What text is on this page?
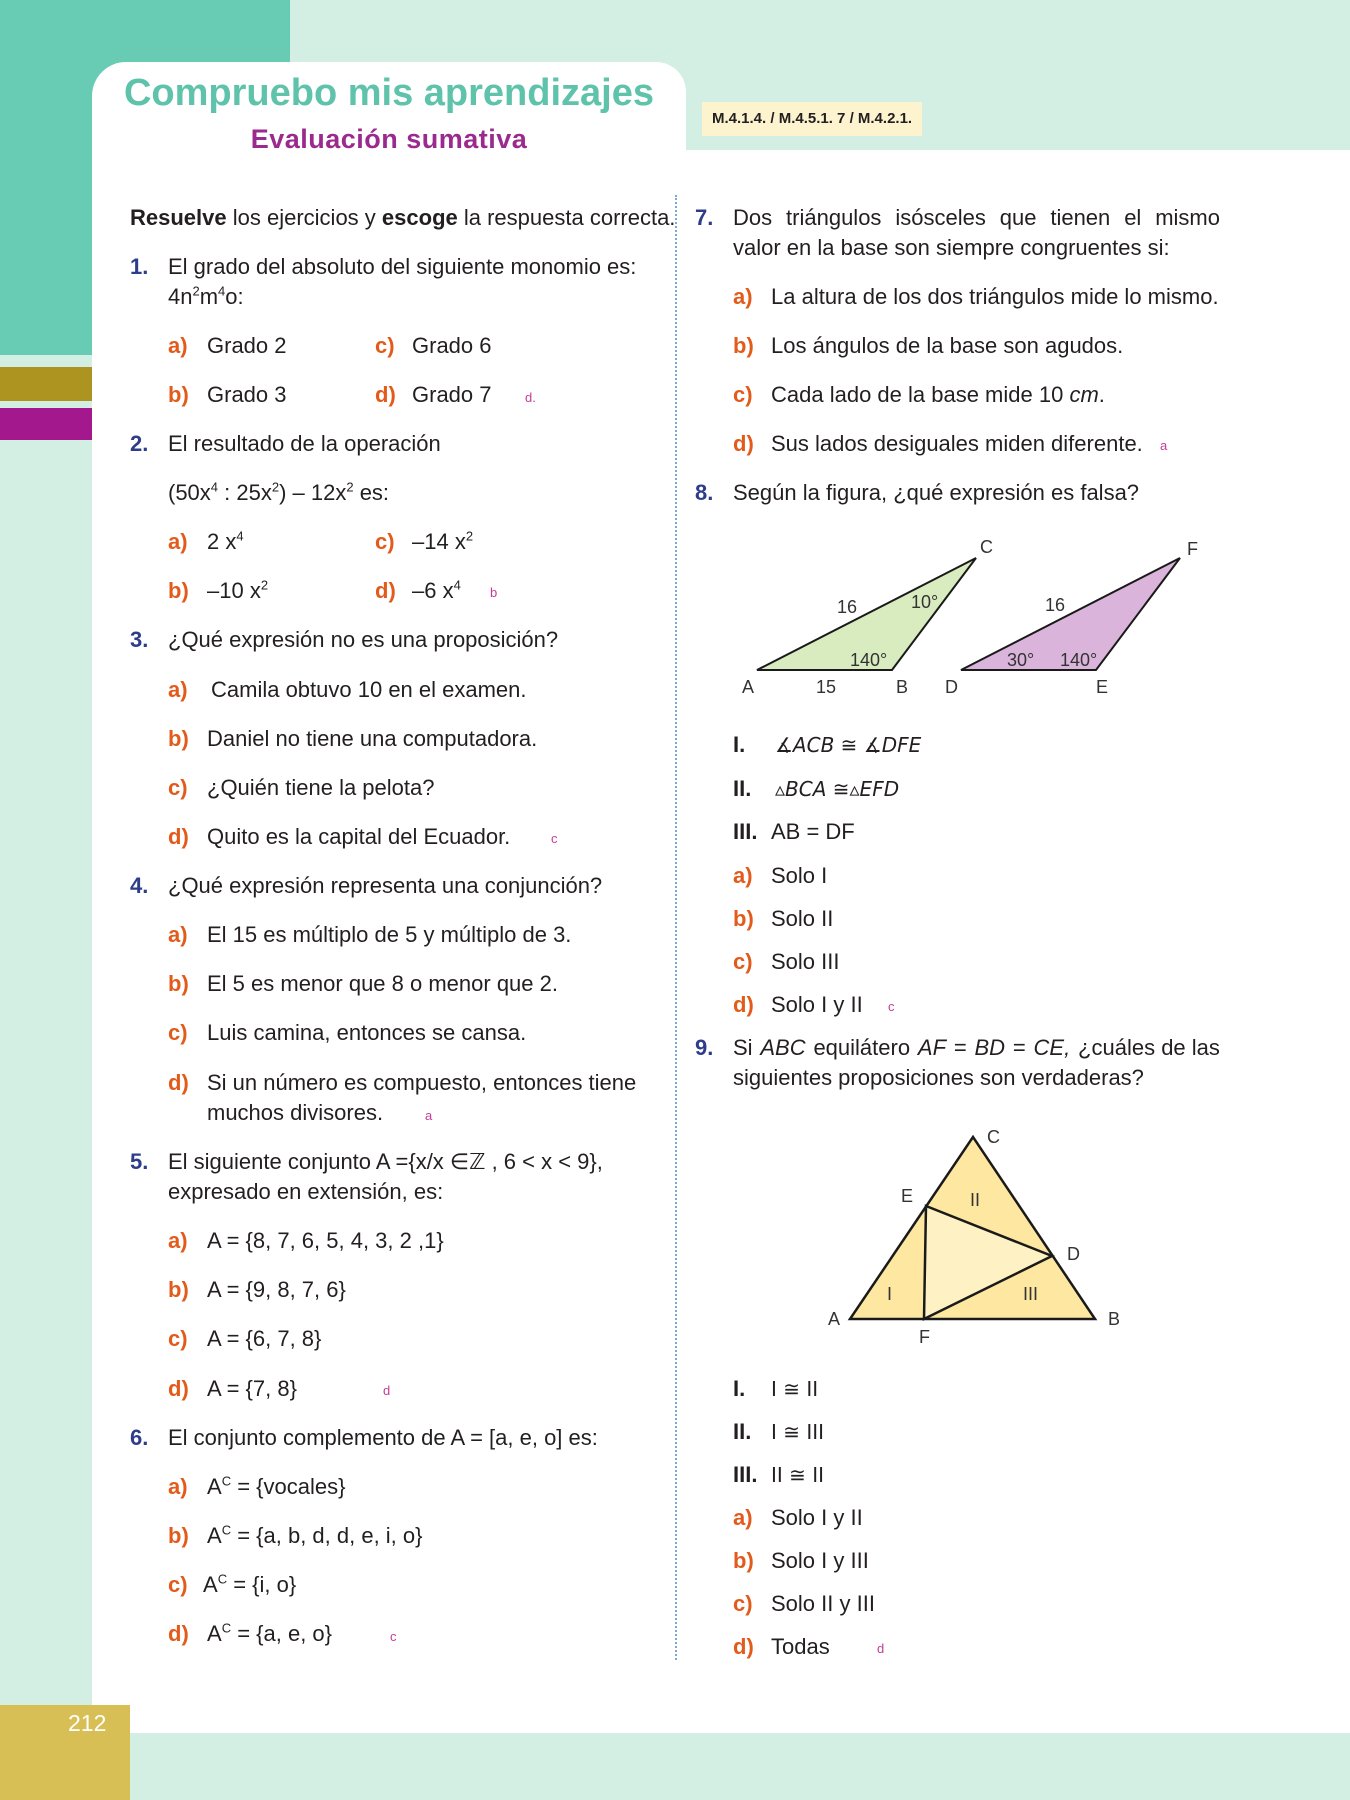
Compruebo mis aprendizajes
Evaluación sumativa
M.4.1.4. / M.4.5.1. 7 / M.4.2.1.
212
Resuelve los ejercicios y escoge la respuesta correcta.
1. El grado del absoluto del siguiente monomio es:
$4n^2m^4o$:
a) Grado 2	c) Grado 6
b) Grado 3	d) Grado 7	d.
2. El resultado de la operación
($50x^4$ : $25x^2) - 12x^2$ es:
a) 2 $x^4$	c) –14 $x^2$
b) –10 $x^2$	d) –6 $x^4$ b
3. ¿Qué expresión no es una proposición?
a) Camila obtuvo 10 en el examen.
b) Daniel no tiene una computadora.
c) ¿Quién tiene la pelota?
d) Quito es la capital del Ecuador.	c
4. ¿Qué expresión representa una conjunción?
a) El 15 es múltiplo de 5 y múltiplo de 3.
b) El 5 es menor que 8 o menor que 2.
c) Luis camina, entonces se cansa.
d) Si un número es compuesto, entonces tiene
muchos divisores.	a
5. El siguiente conjunto A ={x/x ∈ℤ , 6 < x < 9},
expresado en extensión, es:
a) A = {8, 7, 6, 5, 4, 3, 2 ,1}
b) A = {9, 8, 7, 6}
c) A = {6, 7, 8}
d) A = {7, 8}	d
6. El conjunto complemento de A = [a, e, o] es:
a) $A^C$ = {vocales}
b) $A^C = \{a$, b, d, d, e, i, o}
c) $A^C = \{i$, o}
d) $A^C = \{a$, e, o}	c
7. Dos triángulos isósceles que tienen el mismo
valor en la base son siempre congruentes si:
a) La altura de los dos triángulos mide lo mismo.
b) Los ángulos de la base son agudos.
c) Cada lado de la base mide 10 cm.
d) Sus lados desiguales miden diferente. a
8. Según la figura, ¿qué expresión es falsa?
A	B
C
D	E
F
16
15
10°
140°
16
30° 140°
I. ∡ACB ≅ ∡DFE
II. ▵BCA ≅▵EFD
III. AB = DF
a) Solo I
b) Solo II
c) Solo III
d) Solo I y II c
9. Si ABC equilátero AF = BD = CE, ¿cuáles de las
siguientes proposiciones son verdaderas?
A	B
C
D
E
F
I
II
III
I. I ≅ II
II. I ≅ III
III. II ≅ II
a) Solo I y II
b) Solo I y III
c) Solo II y III
d) Todas	d
